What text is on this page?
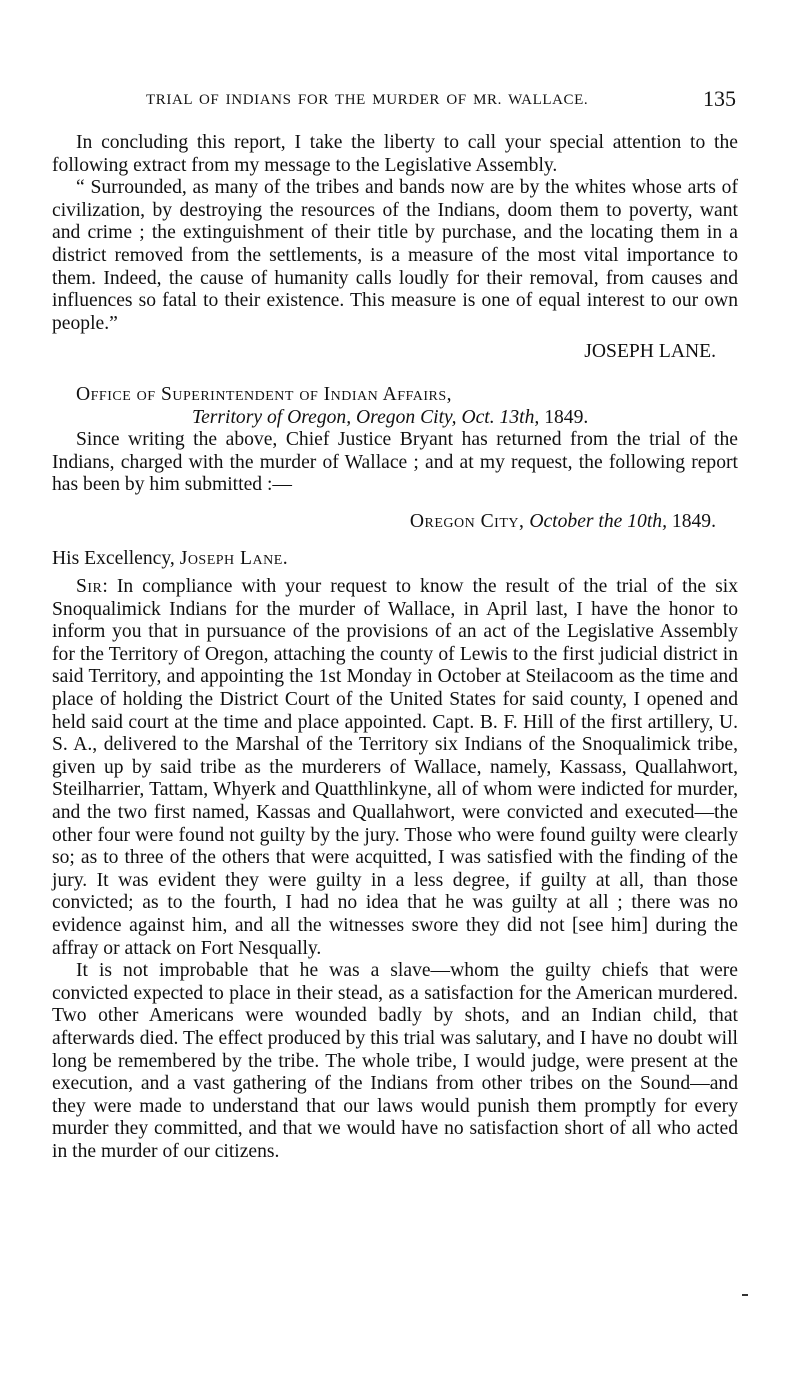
TRIAL OF INDIANS FOR THE MURDER OF MR. WALLACE.	135

In concluding this report, I take the liberty to call your special attention to the following extract from my message to the Legislative Assembly.

“ Surrounded, as many of the tribes and bands now are by the whites whose arts of civilization, by destroying the resources of the Indians, doom them to poverty, want and crime ; the extinguishment of their title by purchase, and the locating them in a district removed from the settlements, is a measure of the most vital importance to them. Indeed, the cause of humanity calls loudly for their removal, from causes and influences so fatal to their existence. This measure is one of equal interest to our own people.”

JOSEPH LANE.

Office of Superintendent of Indian Affairs,

Territory of Oregon, Oregon City, Oct. 13th, 1849.

Since writing the above, Chief Justice Bryant has returned from the trial of the Indians, charged with the murder of Wallace ; and at my request, the following report has been by him submitted :—

Oregon City, October the 10th, 1849.

His Excellency, Joseph Lane.

Sir: In compliance with your request to know the result of the trial of the six Snoqualimick Indians for the murder of Wallace, in April last, I have the honor to inform you that in pursuance of the provisions of an act of the Legislative Assembly for the Territory of Oregon, attaching the county of Lewis to the first judicial district in said Territory, and appointing the 1st Monday in October at Steilacoom as the time and place of holding the District Court of the United States for said county, I opened and held said court at the time and place appointed. Capt. B. F. Hill of the first artillery, U. S. A., delivered to the Marshal of the Territory six Indians of the Snoqualimick tribe, given up by said tribe as the murderers of Wallace, namely, Kassass, Quallahwort, Steilharrier, Tattam, Whyerk and Quatthlinkyne, all of whom were indicted for murder, and the two first named, Kassas and Quallahwort, were convicted and executed—the other four were found not guilty by the jury. Those who were found guilty were clearly so; as to three of the others that were acquitted, I was satisfied with the finding of the jury. It was evident they were guilty in a less degree, if guilty at all, than those convicted; as to the fourth, I had no idea that he was guilty at all ; there was no evidence against him, and all the witnesses swore they did not [see him] during the affray or attack on Fort Nesqually.

It is not improbable that he was a slave—whom the guilty chiefs that were convicted expected to place in their stead, as a satisfaction for the American murdered. Two other Americans were wounded badly by shots, and an Indian child, that afterwards died. The effect produced by this trial was salutary, and I have no doubt will long be remembered by the tribe. The whole tribe, I would judge, were present at the execution, and a vast gathering of the Indians from other tribes on the Sound—and they were made to understand that our laws would punish them promptly for every murder they committed, and that we would have no satisfaction short of all who acted in the murder of our citizens.
